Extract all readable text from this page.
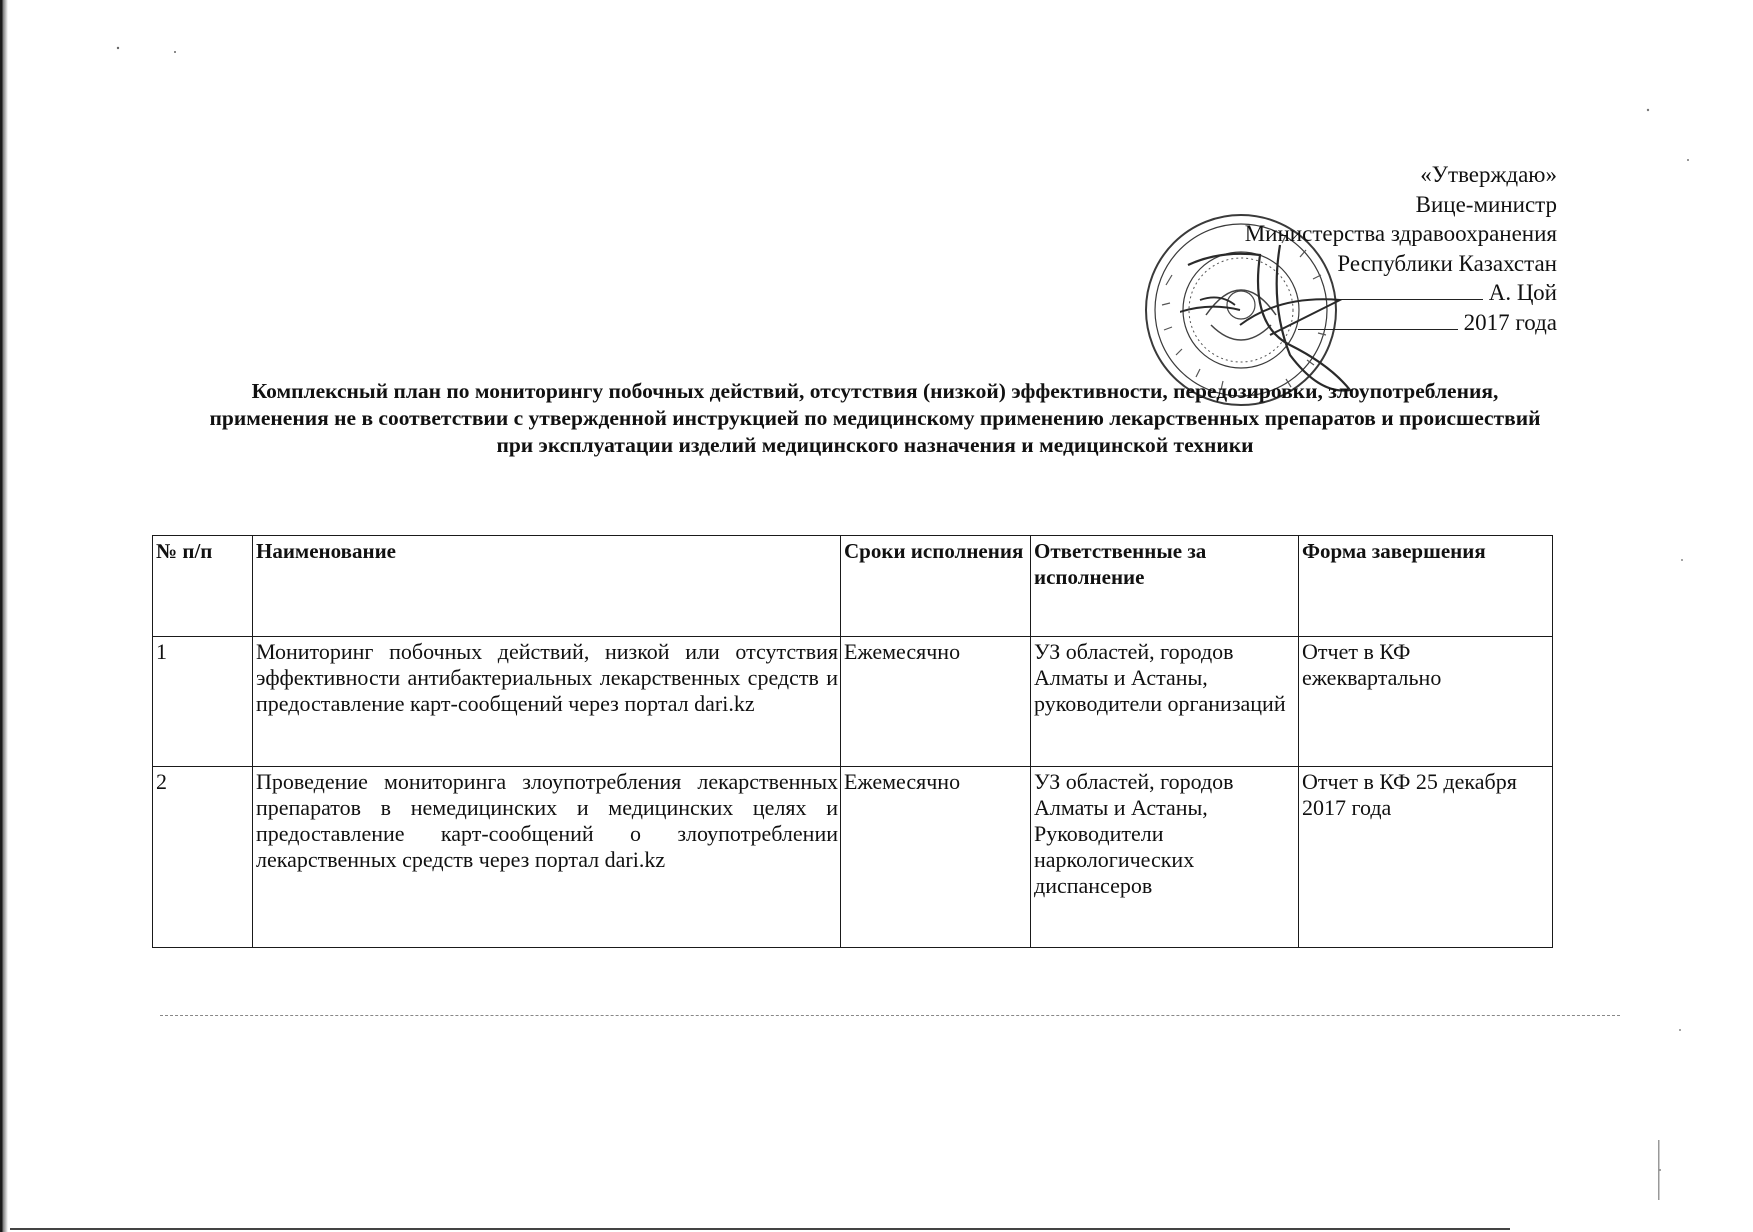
«Утверждаю»
Вице-министр
Министерства здравоохранения
Республики Казахстан
А. Цой
2017 года
Комплексный план по мониторингу побочных действий, отсутствия (низкой) эффективности, передозировки, злоупотребления, применения не в соответствии с утвержденной инструкцией по медицинскому применению лекарственных препаратов и происшествий при эксплуатации изделий медицинского назначения и медицинской техники
№ п/п	Наименование	Сроки исполнения	Ответственные за исполнение	Форма завершения
1	Мониторинг побочных действий, низкой или отсутствия эффективности антибактериальных лекарственных средств и предоставление карт-сообщений через портал dari.kz	Ежемесячно	УЗ областей, городов Алматы и Астаны, руководители организаций	Отчет в КФ ежеквартально
2	Проведение мониторинга злоупотребления лекарственных препаратов в немедицинских и медицинских целях и предоставление карт-сообщений о злоупотреблении лекарственных средств через портал dari.kz	Ежемесячно	УЗ областей, городов Алматы и Астаны, Руководители наркологических диспансеров	Отчет в КФ 25 декабря 2017 года
